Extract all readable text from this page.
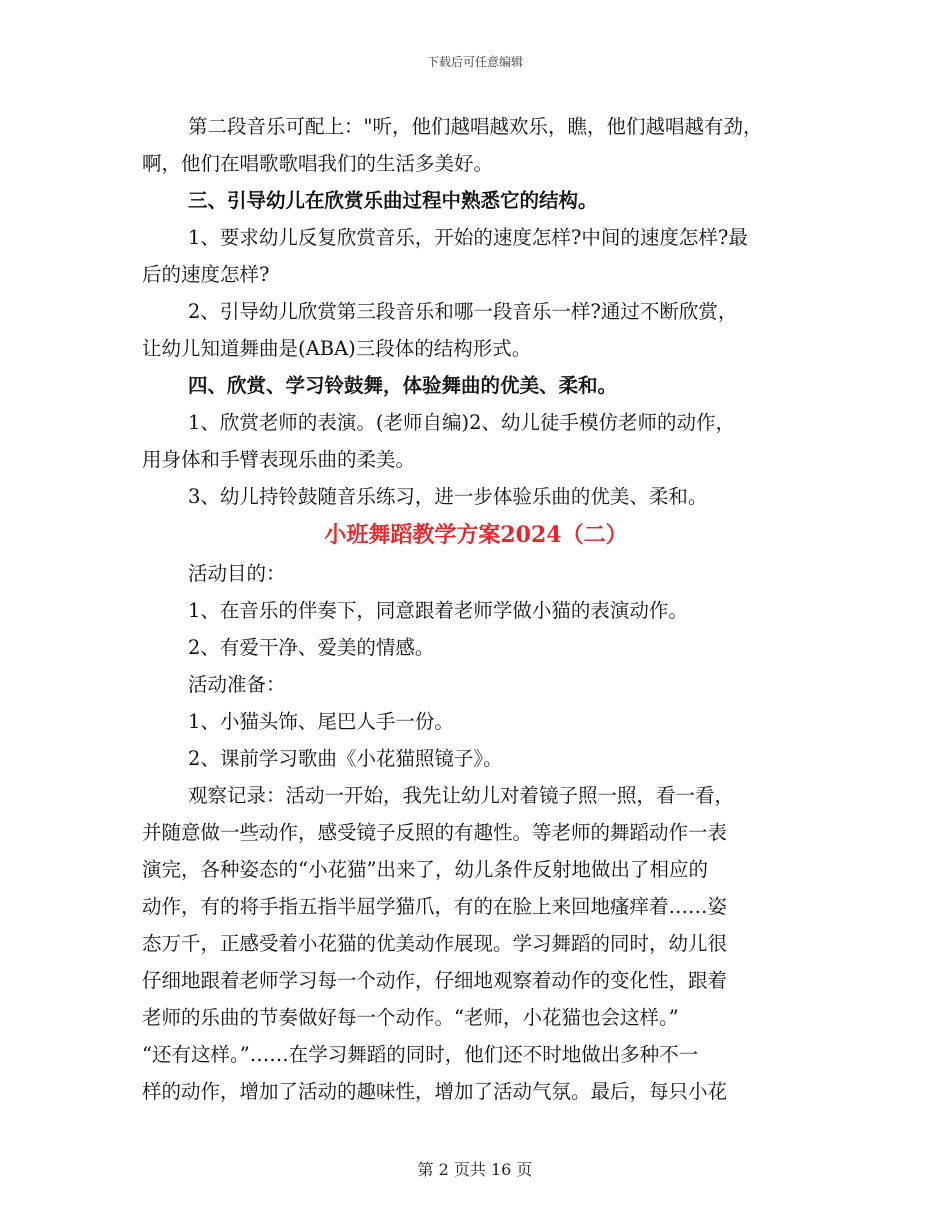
下载后可任意编辑

第二段音乐可配上："听，他们越唱越欢乐，瞧，他们越唱越有劲，

啊，他们在唱歌歌唱我们的生活多美好。

三、引导幼儿在欣赏乐曲过程中熟悉它的结构。

1、要求幼儿反复欣赏音乐，开始的速度怎样?中间的速度怎样?最

后的速度怎样?

2、引导幼儿欣赏第三段音乐和哪一段音乐一样?通过不断欣赏，

让幼儿知道舞曲是(ABA)三段体的结构形式。

四、欣赏、学习铃鼓舞，体验舞曲的优美、柔和。

1、欣赏老师的表演。(老师自编)2、幼儿徒手模仿老师的动作，

用身体和手臂表现乐曲的柔美。

3、幼儿持铃鼓随音乐练习，进一步体验乐曲的优美、柔和。

小班舞蹈教学方案2024（二）

活动目的：

1、在音乐的伴奏下，同意跟着老师学做小猫的表演动作。

2、有爱干净、爱美的情感。

活动准备：

1、小猫头饰、尾巴人手一份。

2、课前学习歌曲《小花猫照镜子》。

观察记录：活动一开始，我先让幼儿对着镜子照一照，看一看，

并随意做一些动作，感受镜子反照的有趣性。等老师的舞蹈动作一表

演完，各种姿态的“小花猫”出来了，幼儿条件反射地做出了相应的

动作，有的将手指五指半屈学猫爪，有的在脸上来回地瘙痒着……姿

态万千，正感受着小花猫的优美动作展现。学习舞蹈的同时，幼儿很

仔细地跟着老师学习每一个动作，仔细地观察着动作的变化性，跟着

老师的乐曲的节奏做好每一个动作。“老师，小花猫也会这样。”

“还有这样。”……在学习舞蹈的同时，他们还不时地做出多种不一

样的动作，增加了活动的趣味性，增加了活动气氛。最后，每只小花

第 2 页共 16 页
